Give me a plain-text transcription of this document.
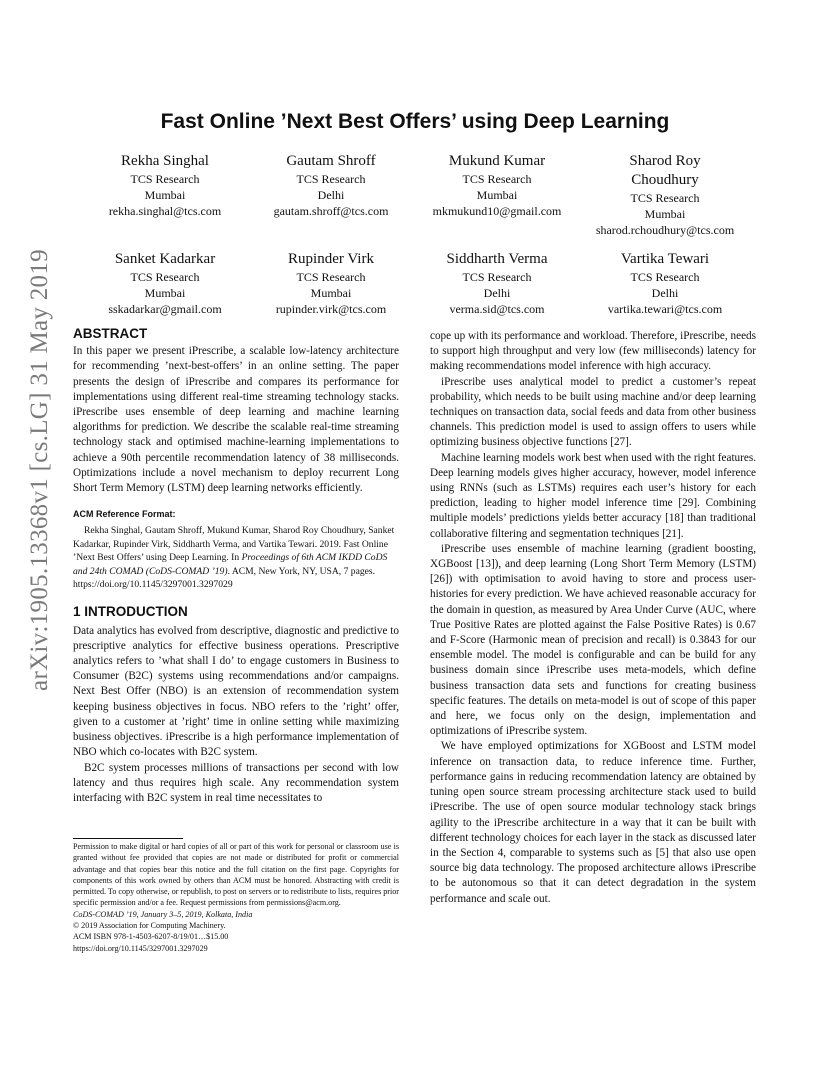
arXiv:1905.13368v1 [cs.LG] 31 May 2019
Fast Online ’Next Best Offers’ using Deep Learning
Rekha Singhal
TCS Research
Mumbai
rekha.singhal@tcs.com
Gautam Shroff
TCS Research
Delhi
gautam.shroff@tcs.com
Mukund Kumar
TCS Research
Mumbai
mkmukund10@gmail.com
Sharod Roy
Choudhury
TCS Research
Mumbai
sharod.rchoudhury@tcs.com
Sanket Kadarkar
TCS Research
Mumbai
sskadarkar@gmail.com
Rupinder Virk
TCS Research
Mumbai
rupinder.virk@tcs.com
Siddharth Verma
TCS Research
Delhi
verma.sid@tcs.com
Vartika Tewari
TCS Research
Delhi
vartika.tewari@tcs.com
ABSTRACT

In this paper we present iPrescribe, a scalable low-latency architecture for recommending ’next-best-offers’ in an online setting. The paper presents the design of iPrescribe and compares its performance for implementations using different real-time streaming technology stacks. iPrescribe uses ensemble of deep learning and machine learning algorithms for prediction. We describe the scalable real-time streaming technology stack and optimised machine-learning implementations to achieve a 90th percentile recommendation latency of 38 milliseconds. Optimizations include a novel mechanism to deploy recurrent Long Short Term Memory (LSTM) deep learning networks efficiently.

ACM Reference Format:

Rekha Singhal, Gautam Shroff, Mukund Kumar, Sharod Roy Choudhury, Sanket Kadarkar, Rupinder Virk, Siddharth Verma, and Vartika Tewari. 2019. Fast Online ’Next Best Offers’ using Deep Learning. In Proceedings of 6th ACM IKDD CoDS and 24th COMAD (CoDS-COMAD ’19). ACM, New York, NY, USA, 7 pages. https://doi.org/10.1145/3297001.3297029

1 INTRODUCTION

Data analytics has evolved from descriptive, diagnostic and predictive to prescriptive analytics for effective business operations. Prescriptive analytics refers to ’what shall I do’ to engage customers in Business to Consumer (B2C) systems using recommendations and/or campaigns. Next Best Offer (NBO) is an extension of recommendation system keeping business objectives in focus. NBO refers to the ’right’ offer, given to a customer at ’right’ time in online setting while maximizing business objectives. iPrescribe is a high performance implementation of NBO which co-locates with B2C system.

B2C system processes millions of transactions per second with low latency and thus requires high scale. Any recommendation system interfacing with B2C system in real time necessitates to

Permission to make digital or hard copies of all or part of this work for personal or classroom use is granted without fee provided that copies are not made or distributed for profit or commercial advantage and that copies bear this notice and the full citation on the first page. Copyrights for components of this work owned by others than ACM must be honored. Abstracting with credit is permitted. To copy otherwise, or republish, to post on servers or to redistribute to lists, requires prior specific permission and/or a fee. Request permissions from permissions@acm.org.
CoDS-COMAD ’19, January 3–5, 2019, Kolkata, India
© 2019 Association for Computing Machinery.
ACM ISBN 978-1-4503-6207-8/19/01…$15.00
https://doi.org/10.1145/3297001.3297029

cope up with its performance and workload. Therefore, iPrescribe, needs to support high throughput and very low (few milliseconds) latency for making recommendations model inference with high accuracy.

iPrescribe uses analytical model to predict a customer’s repeat probability, which needs to be built using machine and/or deep learning techniques on transaction data, social feeds and data from other business channels. This prediction model is used to assign offers to users while optimizing business objective functions [27].

Machine learning models work best when used with the right features. Deep learning models gives higher accuracy, however, model inference using RNNs (such as LSTMs) requires each user’s history for each prediction, leading to higher model inference time [29]. Combining multiple models’ predictions yields better accuracy [18] than traditional collaborative filtering and segmentation techniques [21].

iPrescribe uses ensemble of machine learning (gradient boosting, XGBoost [13]), and deep learning (Long Short Term Memory (LSTM) [26]) with optimisation to avoid having to store and process user-histories for every prediction. We have achieved reasonable accuracy for the domain in question, as measured by Area Under Curve (AUC, where True Positive Rates are plotted against the False Positive Rates) is 0.67 and F-Score (Harmonic mean of precision and recall) is 0.3843 for our ensemble model. The model is configurable and can be build for any business domain since iPrescribe uses meta-models, which define business transaction data sets and functions for creating business specific features. The details on meta-model is out of scope of this paper and here, we focus only on the design, implementation and optimizations of iPrescribe system.

We have employed optimizations for XGBoost and LSTM model inference on transaction data, to reduce inference time. Further, performance gains in reducing recommendation latency are obtained by tuning open source stream processing architecture stack used to build iPrescribe. The use of open source modular technology stack brings agility to the iPrescribe architecture in a way that it can be built with different technology choices for each layer in the stack as discussed later in the Section 4, comparable to systems such as [5] that also use open source big data technology. The proposed architecture allows iPrescribe to be autonomous so that it can detect degradation in the system performance and scale out.
